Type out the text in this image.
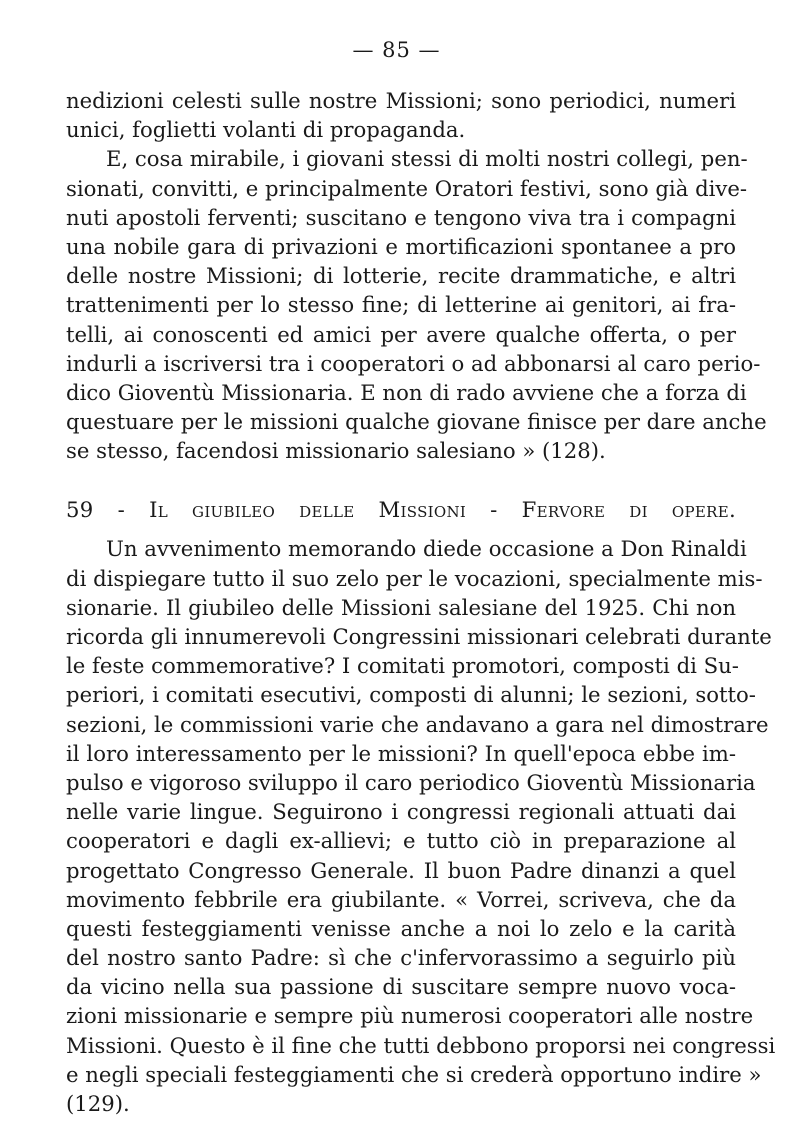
— 85 —
nedizioni celesti sulle nostre Missioni; sono periodici, numeri
unici, foglietti volanti di propaganda.
E, cosa mirabile, i giovani stessi di molti nostri collegi, pen-
sionati, convitti, e principalmente Oratori festivi, sono già dive-
nuti apostoli ferventi; suscitano e tengono viva tra i compagni
una nobile gara di privazioni e mortificazioni spontanee a pro
delle nostre Missioni; di lotterie, recite drammatiche, e altri
trattenimenti per lo stesso fine; di letterine ai genitori, ai fra-
telli, ai conoscenti ed amici per avere qualche offerta, o per
indurli a iscriversi tra i cooperatori o ad abbonarsi al caro perio-
dico Gioventù Missionaria. E non di rado avviene che a forza di
questuare per le missioni qualche giovane finisce per dare anche
se stesso, facendosi missionario salesiano » (128).
59 - Il giubileo delle Missioni - Fervore di opere.
Un avvenimento memorando diede occasione a Don Rinaldi
di dispiegare tutto il suo zelo per le vocazioni, specialmente mis-
sionarie. Il giubileo delle Missioni salesiane del 1925. Chi non
ricorda gli innumerevoli Congressini missionari celebrati durante
le feste commemorative? I comitati promotori, composti di Su-
periori, i comitati esecutivi, composti di alunni; le sezioni, sotto-
sezioni, le commissioni varie che andavano a gara nel dimostrare
il loro interessamento per le missioni? In quell'epoca ebbe im-
pulso e vigoroso sviluppo il caro periodico Gioventù Missionaria
nelle varie lingue. Seguirono i congressi regionali attuati dai
cooperatori e dagli ex-allievi; e tutto ciò in preparazione al
progettato Congresso Generale. Il buon Padre dinanzi a quel
movimento febbrile era giubilante. « Vorrei, scriveva, che da
questi festeggiamenti venisse anche a noi lo zelo e la carità
del nostro santo Padre: sì che c'infervorassimo a seguirlo più
da vicino nella sua passione di suscitare sempre nuovo voca-
zioni missionarie e sempre più numerosi cooperatori alle nostre
Missioni. Questo è il fine che tutti debbono proporsi nei congressi
e negli speciali festeggiamenti che si crederà opportuno indire »
(129).
